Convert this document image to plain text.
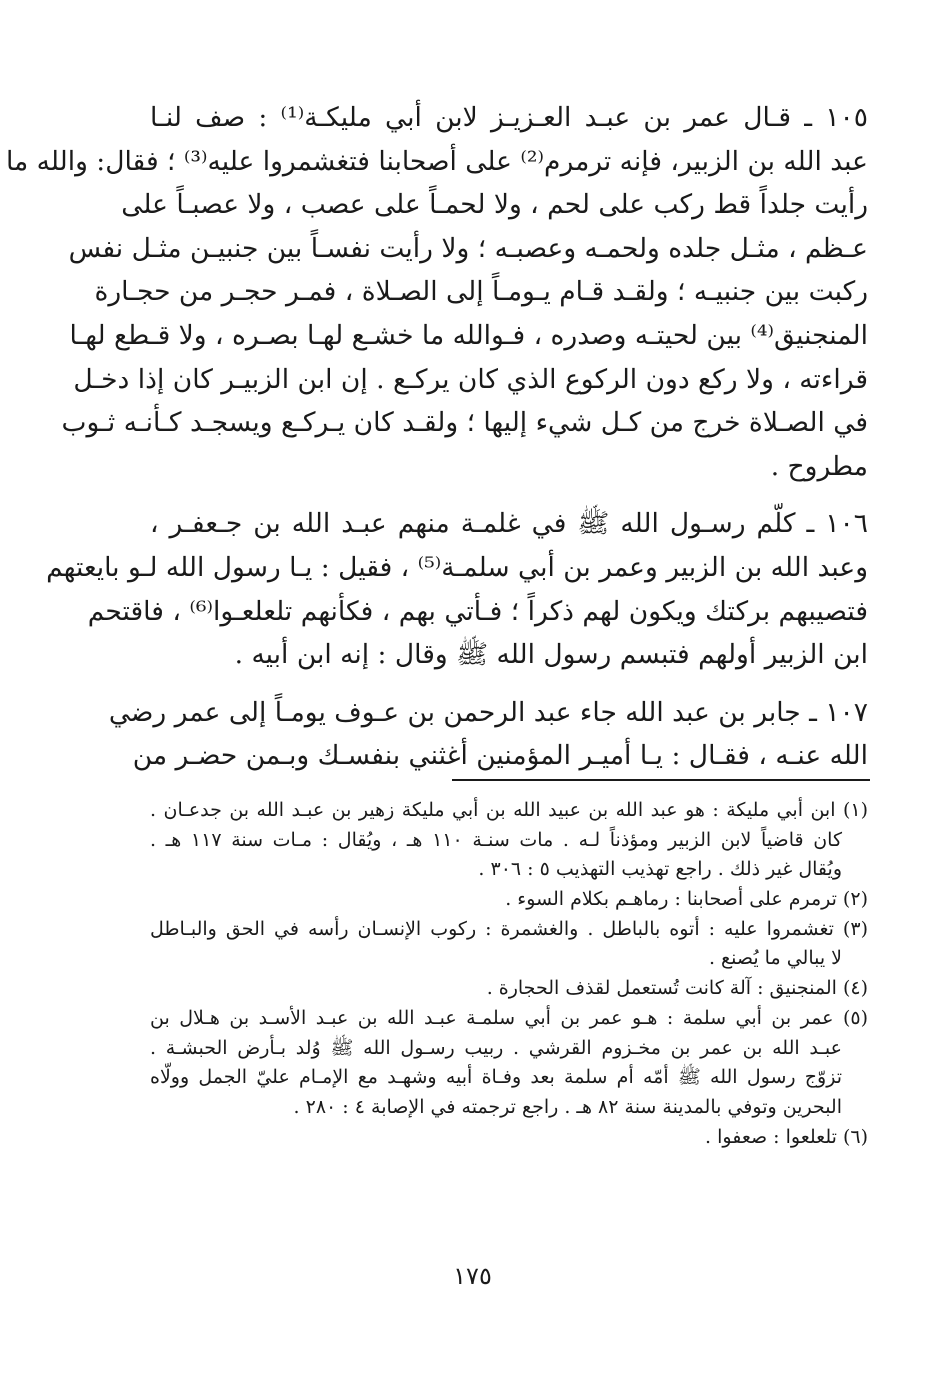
١٠٥ ـ قـال عمر بن عبـد العـزيـز لابن أبي مليكـة⁽¹⁾ : صف لنـا
عبد الله بن الزبير، فإنه ترمرم⁽²⁾ على أصحابنا فتغشمروا عليه⁽³⁾ ؛ فقال: والله ما
رأيت جلداً قط ركب على لحم ، ولا لحمـاً على عصب ، ولا عصبـاً على
عـظم ، مثـل جلده ولحمـه وعصبـه ؛ ولا رأيت نفسـاً بين جنبيـن مثـل نفس
ركبت بين جنبيـه ؛ ولقـد قـام يـومـاً إلى الصـلاة ، فمـر حجـر من حجـارة
المنجنيق⁽⁴⁾ بين لحيتـه وصدره ، فـوالله ما خشـع لهـا بصـره ، ولا قـطع لهـا
قراءته ، ولا ركع دون الركوع الذي كان يركـع . إن ابن الزبيـر كان إذا دخـل
في الصـلاة خرج من كـل شيء إليها ؛ ولقـد كان يـركـع ويسجـد كـأنـه ثـوب
مطروح .
١٠٦ ـ كلّم رسـول الله ﷺ في غلمـة منهم عبـد الله بن جـعفـر ،
وعبد الله بن الزبير وعمر بن أبي سلمـة⁽⁵⁾ ، فقيل : يـا رسول الله لـو بايعتهم
فتصيبهم بركتك ويكون لهم ذكراً ؛ فـأتي بهم ، فكأنهم تلعلعـوا⁽⁶⁾ ، فاقتحم
ابن الزبير أولهم فتبسم رسول الله ﷺ وقال : إنه ابن أبيه .
١٠٧ ـ جابر بن عبد الله جاء عبد الرحمن بن عـوف يومـاً إلى عمر رضي
الله عنـه ، فقـال : يـا أميـر المؤمنين أغثني بنفسـك وبـمن حضـر من
(١) ابن أبي مليكة : هو عبد الله بن عبيد الله بن أبي مليكة زهير بن عبـد الله بن جدعـان .
كان قاضياً لابن الزبير ومؤذناً لـه . مات سنـة ١١٠ هـ ، ويُقال : مـات سنة ١١٧ هـ .
ويُقال غير ذلك . راجع تهذيب التهذيب ٥ : ٣٠٦ .
(٢) ترمرم على أصحابنا : رماهـم بكلام السوء .
(٣) تغشمروا عليه : أتوه بالباطل . والغشمرة : ركوب الإنسـان رأسه في الحق والبـاطل
لا يبالي ما يُصنع .
(٤) المنجنيق : آلة كانت تُستعمل لقذف الحجارة .
(٥) عمر بن أبي سلمة : هـو عمر بن أبي سلمـة عبـد الله بن عبـد الأسـد بن هـلال بن
عبـد الله بن عمر بن مخـزوم القرشي . ربيب رسـول الله ﷺ وُلد بـأرض الحبشـة .
تزوّج رسول الله ﷺ أمّه أم سلمة بعد وفـاة أبيه وشهـد مع الإمـام عليّ الجمل وولّاه
البحرين وتوفي بالمدينة سنة ٨٢ هـ . راجع ترجمته في الإصابة ٤ : ٢٨٠ .
(٦) تلعلعوا : صعفوا .
١٧٥
